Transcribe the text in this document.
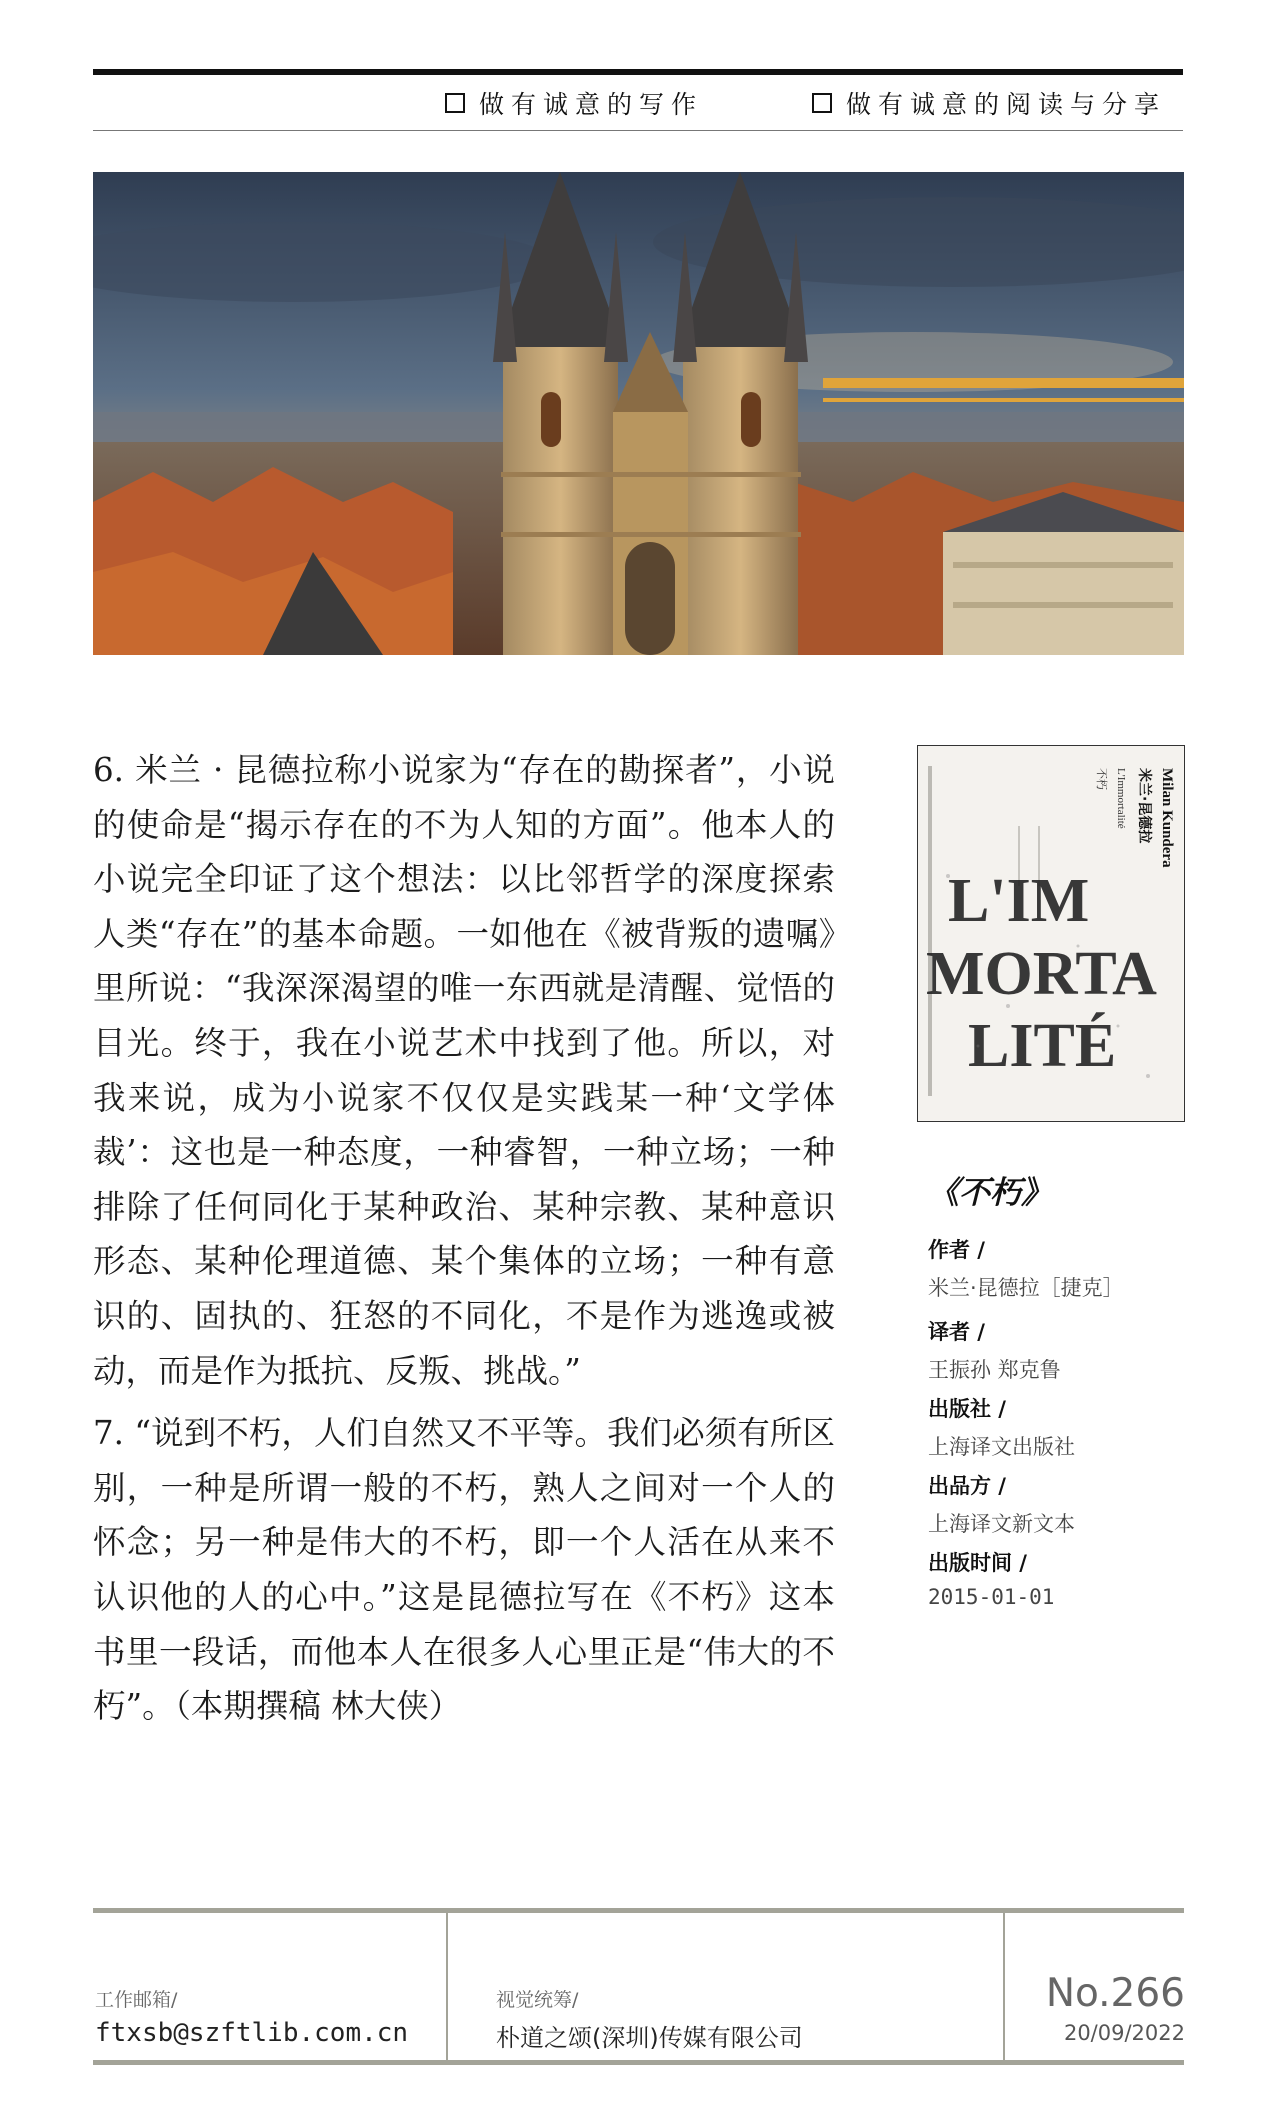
做有诚意的写作	做有诚意的阅读与分享

6. 米兰 · 昆德拉称小说家为“存在的勘探者”，小说的使命是“揭示存在的不为人知的方面”。他本人的小说完全印证了这个想法：以比邻哲学的深度探索人类“存在”的基本命题。一如他在《被背叛的遗嘱》里所说：“我深深渴望的唯一东西就是清醒、觉悟的目光。终于，我在小说艺术中找到了他。所以，对我来说，成为小说家不仅仅是实践某一种‘文学体裁’：这也是一种态度，一种睿智，一种立场；一种排除了任何同化于某种政治、某种宗教、某种意识形态、某种伦理道德、某个集体的立场；一种有意识的、固执的、狂怒的不同化，不是作为逃逸或被动，而是作为抵抗、反叛、挑战。”

7. “说到不朽，人们自然又不平等。我们必须有所区别，一种是所谓一般的不朽，熟人之间对一个人的怀念；另一种是伟大的不朽，即一个人活在从来不认识他的人的心中。”这是昆德拉写在《不朽》这本书里一段话，而他本人在很多人心里正是“伟大的不朽”。（本期撰稿 林大侠）

Milan Kundera
米兰·昆德拉
L'Immortalité
不朽
L'IM
MORTA
LITÉ
《不朽》
作者 /
米兰·昆德拉［捷克］
译者 /
王振孙 郑克鲁
出版社 /
上海译文出版社
出品方 /
上海译文新文本
出版时间 /
2015-01-01
工作邮箱/
ftxsb@szftlib.com.cn
视觉统筹/
朴道之颂(深圳)传媒有限公司
No.266
20/09/2022
